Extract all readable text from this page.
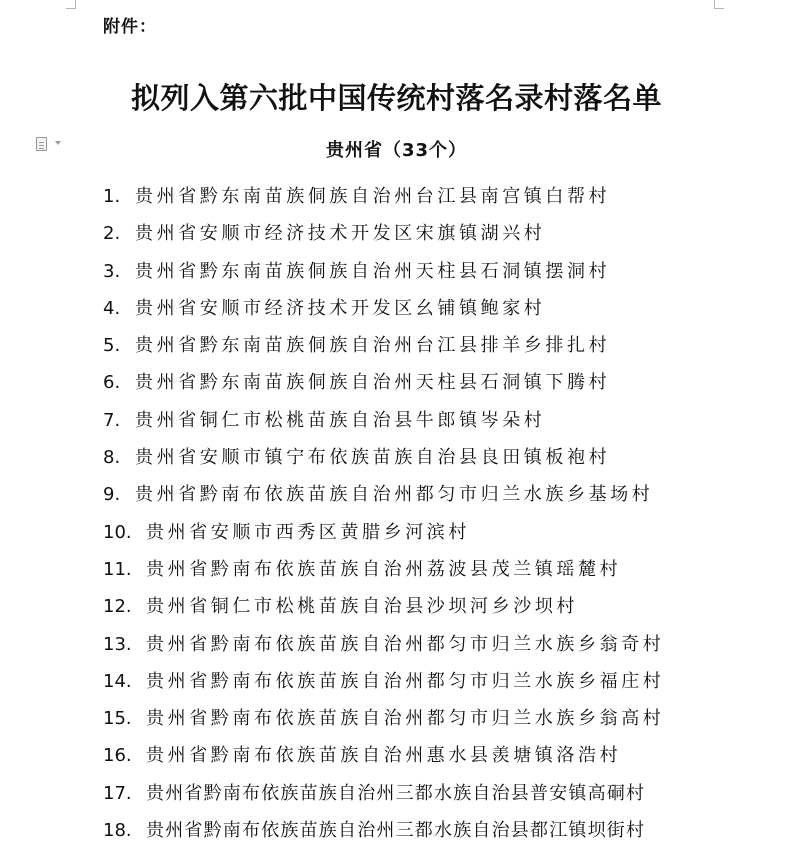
附件：
拟列入第六批中国传统村落名录村落名单
贵州省（33个）
1. 贵州省黔东南苗族侗族自治州台江县南宫镇白帮村
2. 贵州省安顺市经济技术开发区宋旗镇湖兴村
3. 贵州省黔东南苗族侗族自治州天柱县石洞镇摆洞村
4. 贵州省安顺市经济技术开发区幺铺镇鲍家村
5. 贵州省黔东南苗族侗族自治州台江县排羊乡排扎村
6. 贵州省黔东南苗族侗族自治州天柱县石洞镇下腾村
7. 贵州省铜仁市松桃苗族自治县牛郎镇岑朵村
8. 贵州省安顺市镇宁布依族苗族自治县良田镇板袍村
9. 贵州省黔南布依族苗族自治州都匀市归兰水族乡基场村
10. 贵州省安顺市西秀区黄腊乡河滨村
11. 贵州省黔南布依族苗族自治州荔波县茂兰镇瑶麓村
12. 贵州省铜仁市松桃苗族自治县沙坝河乡沙坝村
13. 贵州省黔南布依族苗族自治州都匀市归兰水族乡翁奇村
14. 贵州省黔南布依族苗族自治州都匀市归兰水族乡福庄村
15. 贵州省黔南布依族苗族自治州都匀市归兰水族乡翁高村
16. 贵州省黔南布依族苗族自治州惠水县羡塘镇洛浩村
17. 贵州省黔南布依族苗族自治州三都水族自治县普安镇高硐村
18. 贵州省黔南布依族苗族自治州三都水族自治县都江镇坝街村
